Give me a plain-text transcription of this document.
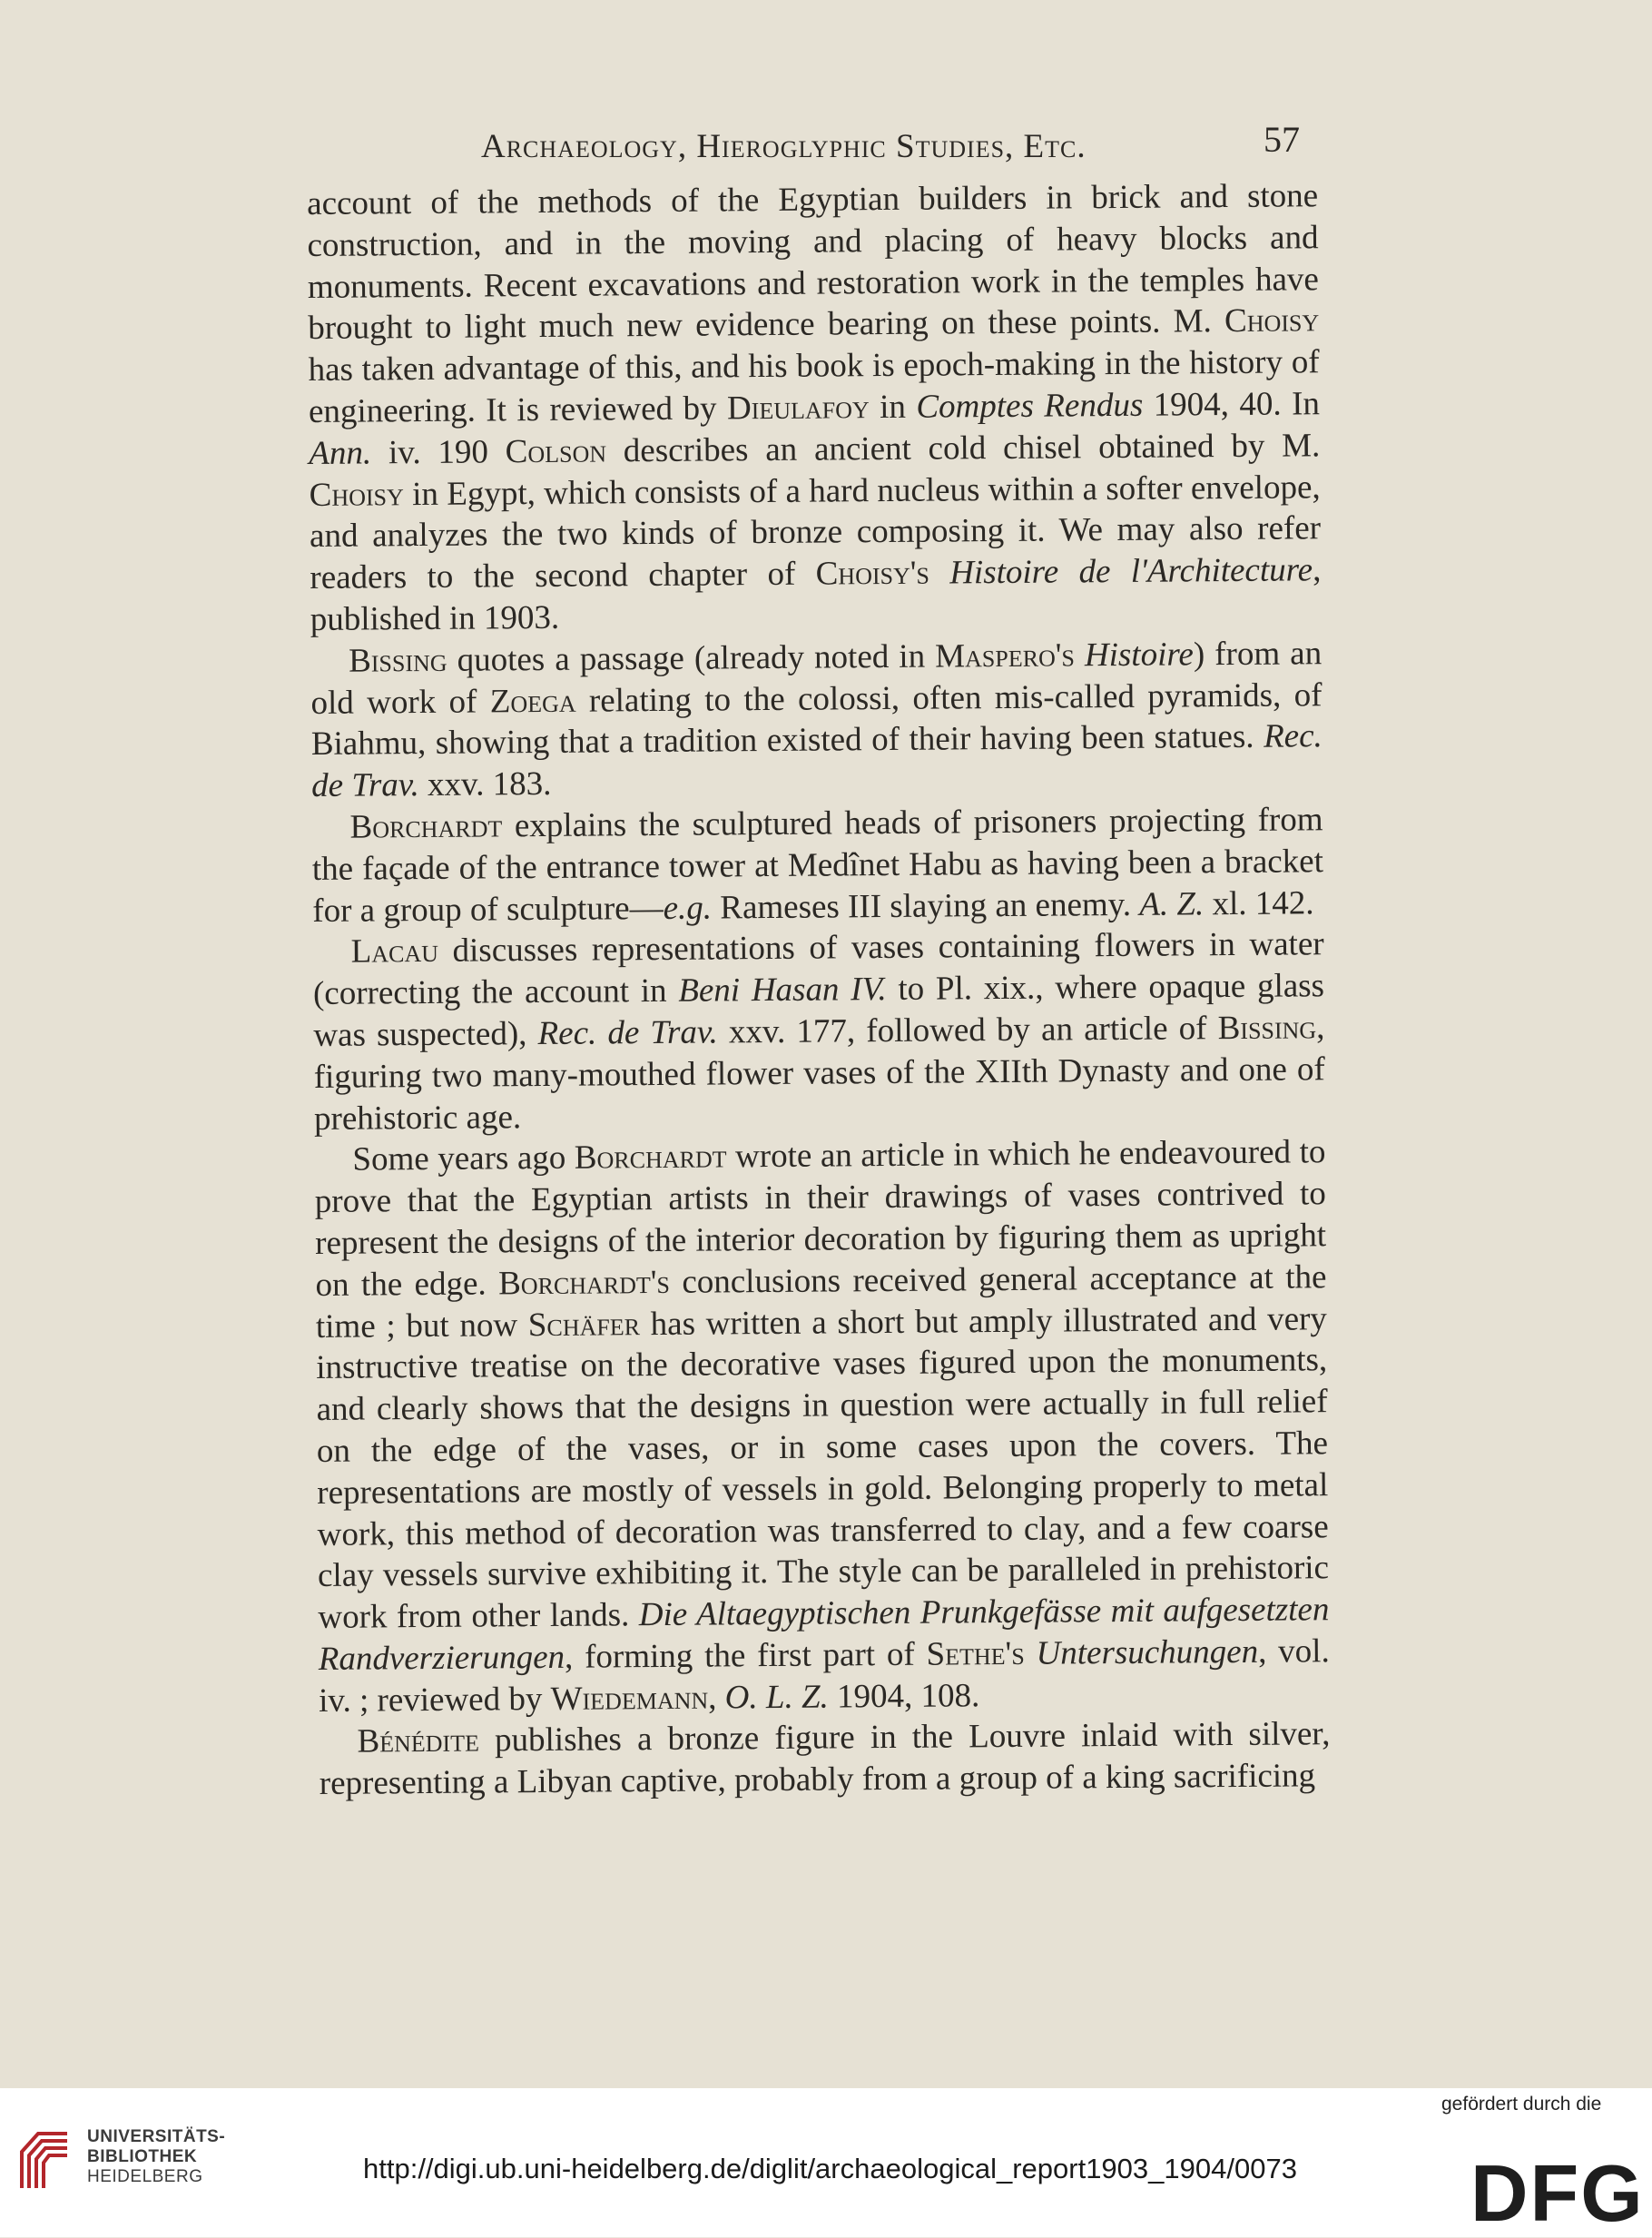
Archaeology, Hieroglyphic Studies, Etc.	57

account of the methods of the Egyptian builders in brick and stone construction, and in the moving and placing of heavy blocks and monuments. Recent excavations and restoration work in the temples have brought to light much new evidence bearing on these points. M. Choisy has taken advantage of this, and his book is epoch-making in the history of engineering. It is reviewed by Dieulafoy in Comptes Rendus 1904, 40. In Ann. iv. 190 Colson describes an ancient cold chisel obtained by M. Choisy in Egypt, which consists of a hard nucleus within a softer envelope, and analyzes the two kinds of bronze composing it. We may also refer readers to the second chapter of Choisy's Histoire de l'Architecture, published in 1903.

Bissing quotes a passage (already noted in Maspero's Histoire) from an old work of Zoega relating to the colossi, often mis-called pyramids, of Biahmu, showing that a tradition existed of their having been statues. Rec. de Trav. xxv. 183.

Borchardt explains the sculptured heads of prisoners projecting from the façade of the entrance tower at Medînet Habu as having been a bracket for a group of sculpture—e.g. Rameses III slaying an enemy. A. Z. xl. 142.

Lacau discusses representations of vases containing flowers in water (correcting the account in Beni Hasan IV. to Pl. xix., where opaque glass was suspected), Rec. de Trav. xxv. 177, followed by an article of Bissing, figuring two many-mouthed flower vases of the XIIth Dynasty and one of prehistoric age.

Some years ago Borchardt wrote an article in which he endeavoured to prove that the Egyptian artists in their drawings of vases contrived to represent the designs of the interior decoration by figuring them as upright on the edge. Borchardt's conclusions received general acceptance at the time ; but now Schäfer has written a short but amply illustrated and very instructive treatise on the decorative vases figured upon the monuments, and clearly shows that the designs in question were actually in full relief on the edge of the vases, or in some cases upon the covers. The representations are mostly of vessels in gold. Belonging properly to metal work, this method of decoration was transferred to clay, and a few coarse clay vessels survive exhibiting it. The style can be paralleled in prehistoric work from other lands. Die Altaegyptischen Prunkgefässe mit aufgesetzten Randverzierungen, forming the first part of Sethe's Untersuchungen, vol. iv. ; reviewed by Wiedemann, O. L. Z. 1904, 108.

Bénédite publishes a bronze figure in the Louvre inlaid with silver, representing a Libyan captive, probably from a group of a king sacrificing

UNIVERSITÄTS-
BIBLIOTHEK
HEIDELBERG	http://digi.ub.uni-heidelberg.de/diglit/archaeological_report1903_1904/0073
gefördert durch die
DFG
